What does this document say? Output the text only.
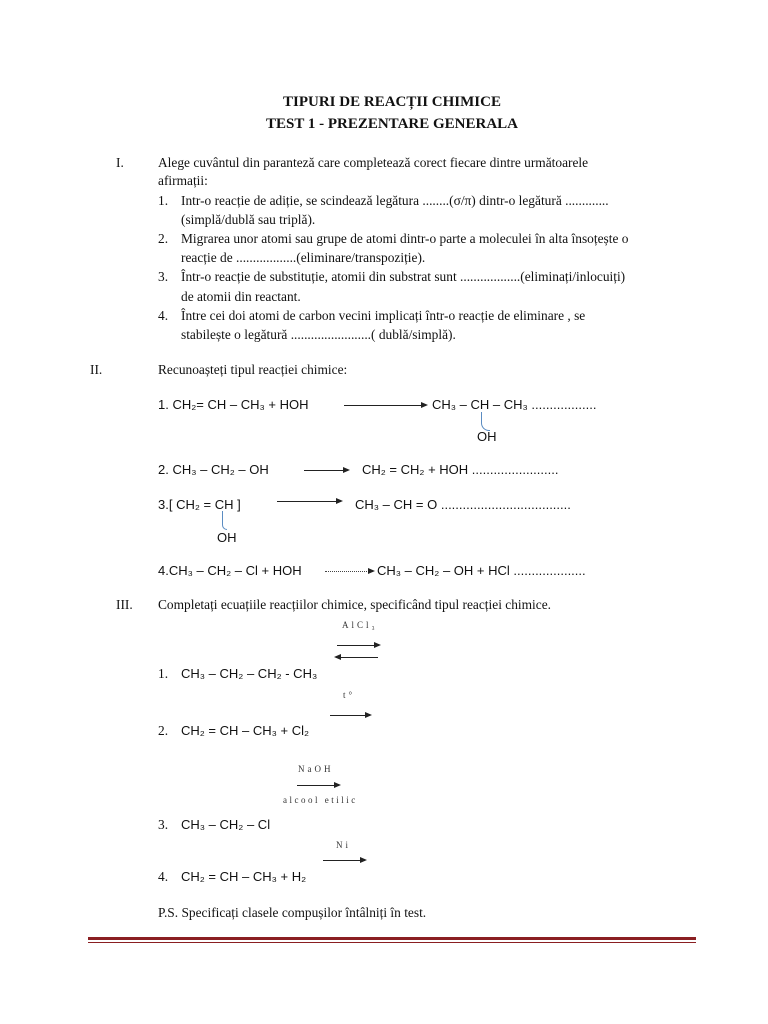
TIPURI DE REACȚII CHIMICE
TEST 1 - PREZENTARE GENERALA
I.	Alege cuvântul din paranteză care completează corect fiecare dintre următoarele
afirmații:
1. Intr-o reacție de adiție, se scindează legătura ........(σ/π) dintr-o legătură .............
(simplă/dublă sau triplă).
2. Migrarea unor atomi sau grupe de atomi dintr-o parte a moleculei în alta însoțește o
reacție de ..................(eliminare/transpoziție).
3. Într-o reacție de substituție, atomii din substrat sunt ..................(eliminați/inlocuiți)
de atomii din reactant.
4. Între cei doi atomi de carbon vecini implicați într-o reacție de eliminare , se
stabilește o legătură ........................( dublă/simplă).
II.	Recunoașteți tipul reacției chimice:
1. CH₂= CH – CH₃ + HOH	CH₃ – CH – CH₃ ..................
OH
2. CH₃ – CH₂ – OH	→ CH₂ = CH₂ + HOH ........................
3.[ CH₂ = CH ]
OH
CH₃ – CH = O ....................................
4.CH₃ – CH₂ – Cl + HOH → CH₃ – CH₂ – OH + HCl ....................
III. Completați ecuațiile reacțiilor chimice, specificând tipul reacției chimice.
AlCl₃
1. CH₃ – CH₂ – CH₂ - CH₃
t°
2. CH₂ = CH – CH₃ + Cl₂
NaOH
alcool etilic
3. CH₃ – CH₂ – Cl
Ni
4. CH₂ = CH – CH₃ + H₂
P.S. Specificați clasele compușilor întâlniți în test.
